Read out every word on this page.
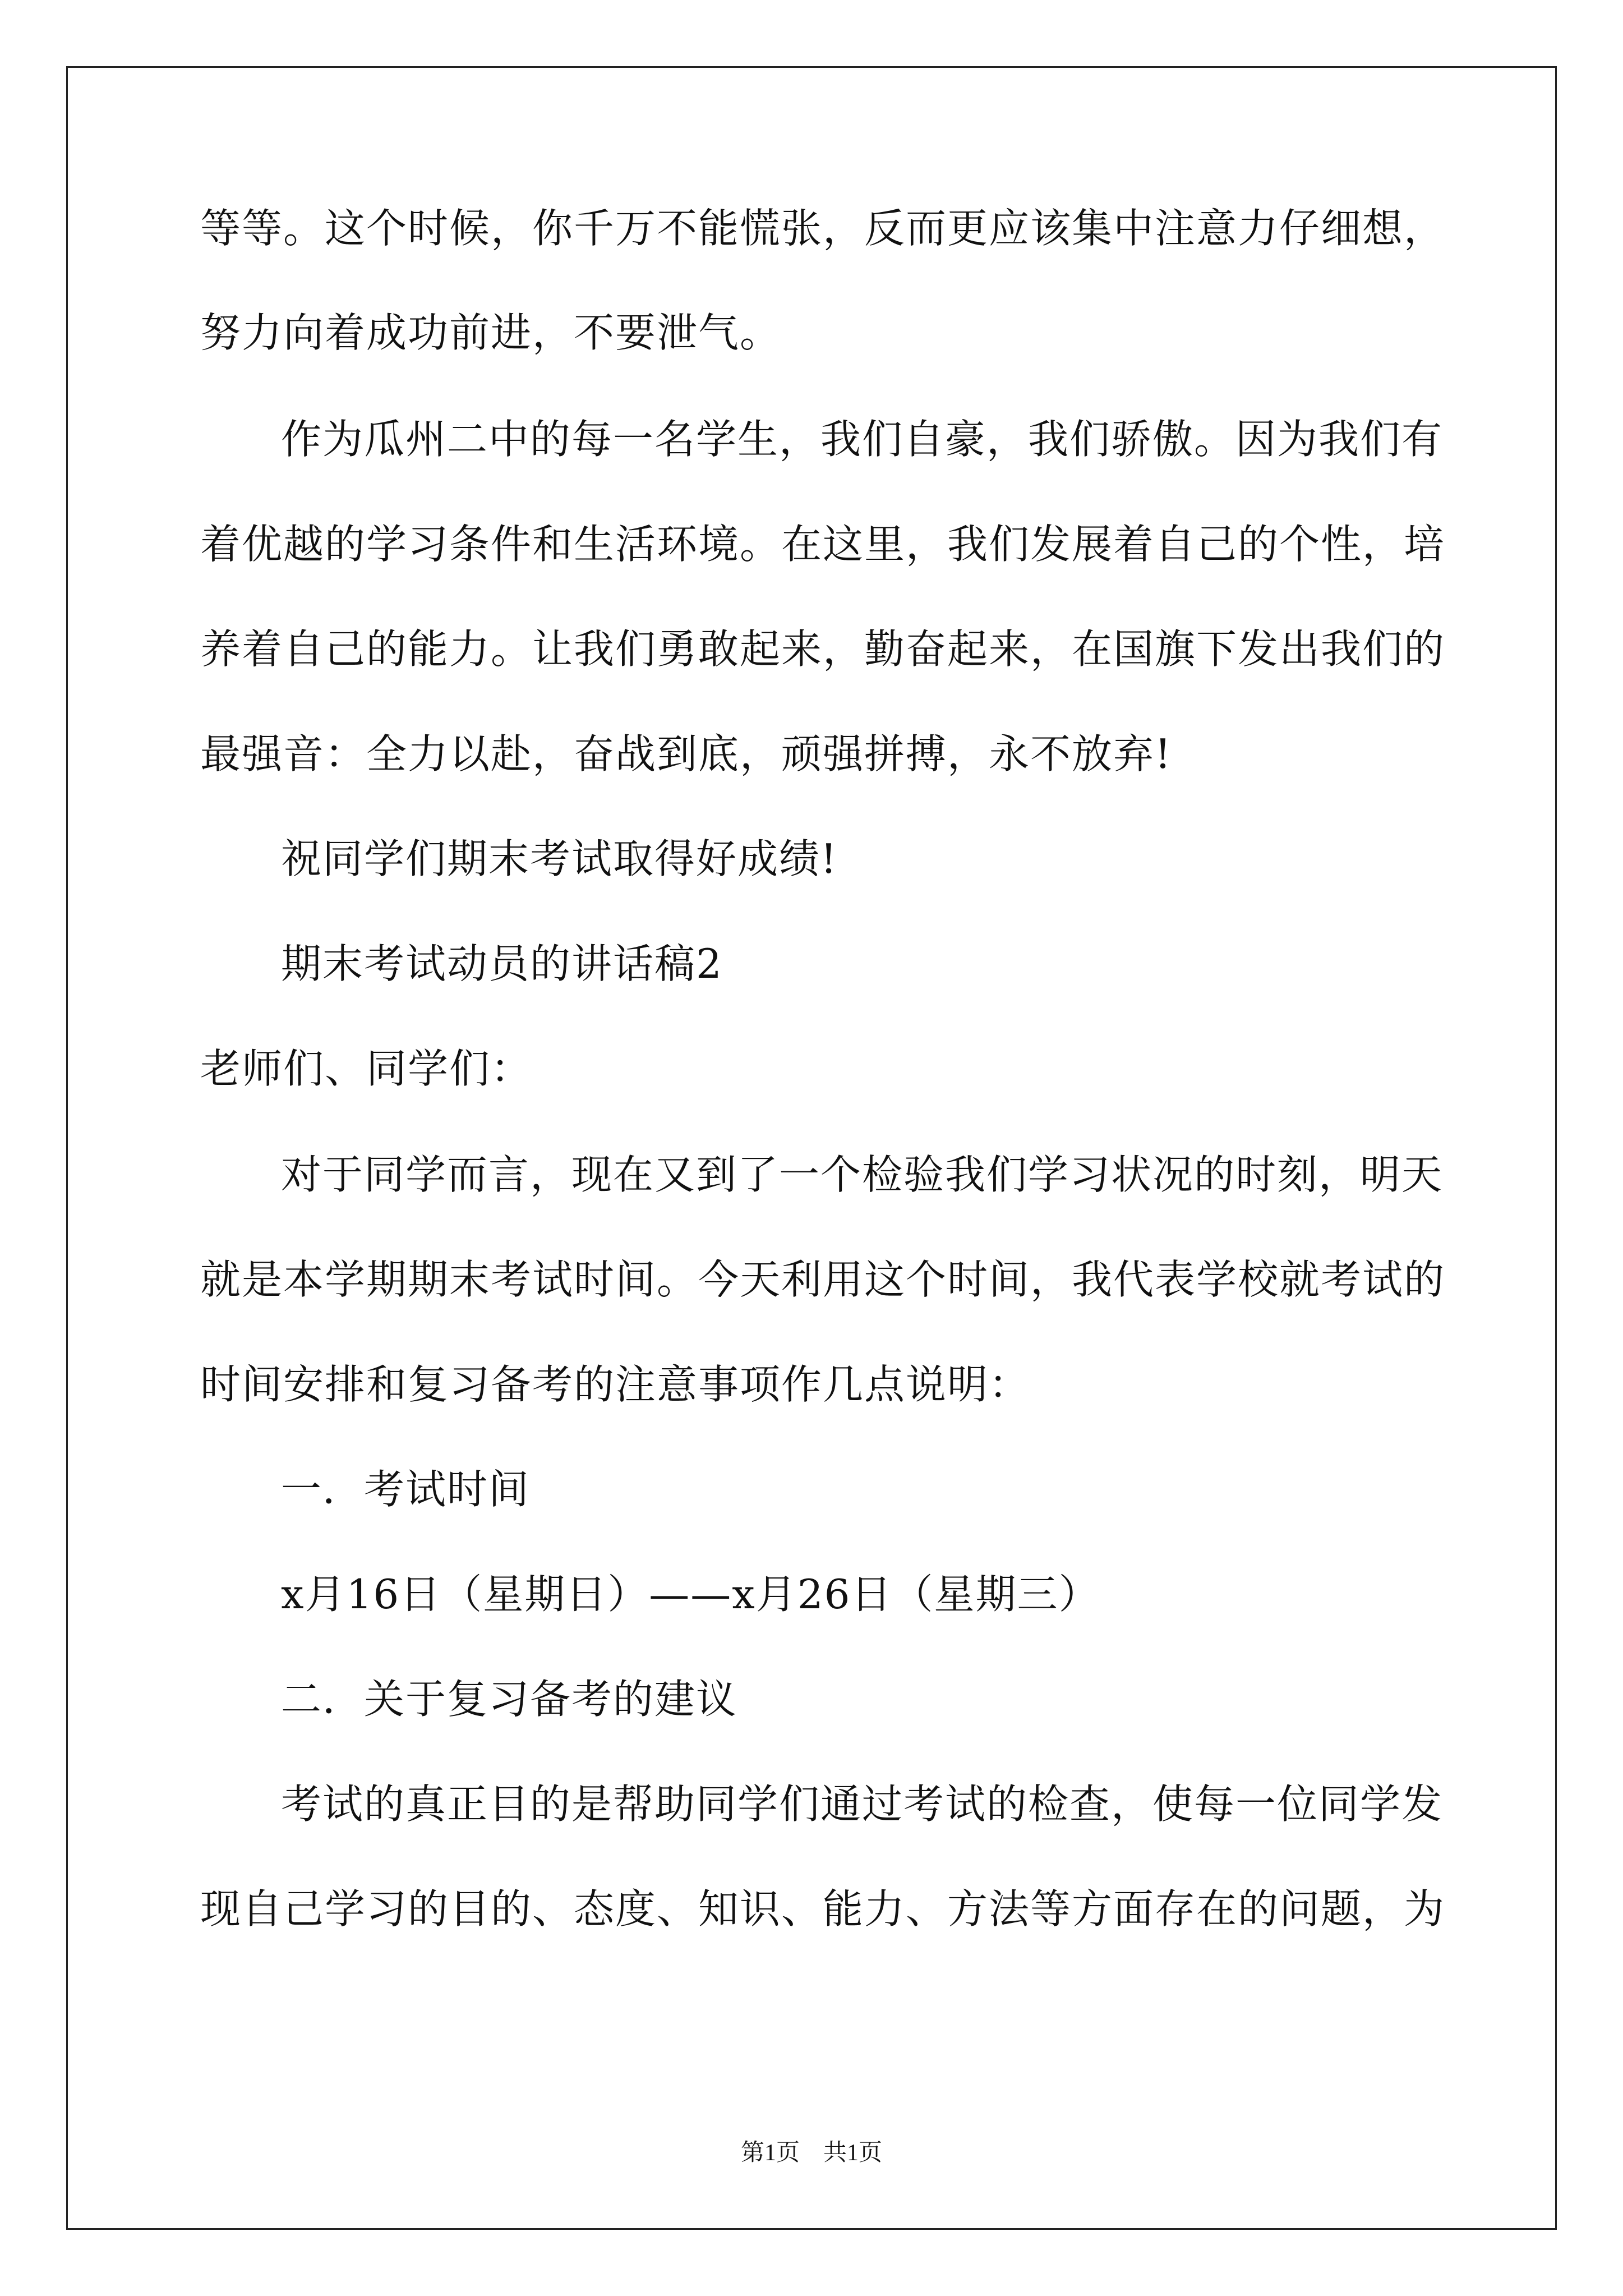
等等。这个时候，你千万不能慌张，反而更应该集中注意力仔细想，
努力向着成功前进，不要泄气。
作为瓜州二中的每一名学生，我们自豪，我们骄傲。因为我们有
着优越的学习条件和生活环境。在这里，我们发展着自己的个性，培
养着自己的能力。让我们勇敢起来，勤奋起来，在国旗下发出我们的
最强音：全力以赴，奋战到底，顽强拼搏，永不放弃!
祝同学们期末考试取得好成绩!
期末考试动员的讲话稿2
老师们、同学们：
对于同学而言，现在又到了一个检验我们学习状况的时刻，明天
就是本学期期末考试时间。今天利用这个时间，我代表学校就考试的
时间安排和复习备考的注意事项作几点说明：
一．考试时间
x月16日（星期日）——x月26日（星期三）
二．关于复习备考的建议
考试的真正目的是帮助同学们通过考试的检查，使每一位同学发
现自己学习的目的、态度、知识、能力、方法等方面存在的问题，为
第1页　共1页
